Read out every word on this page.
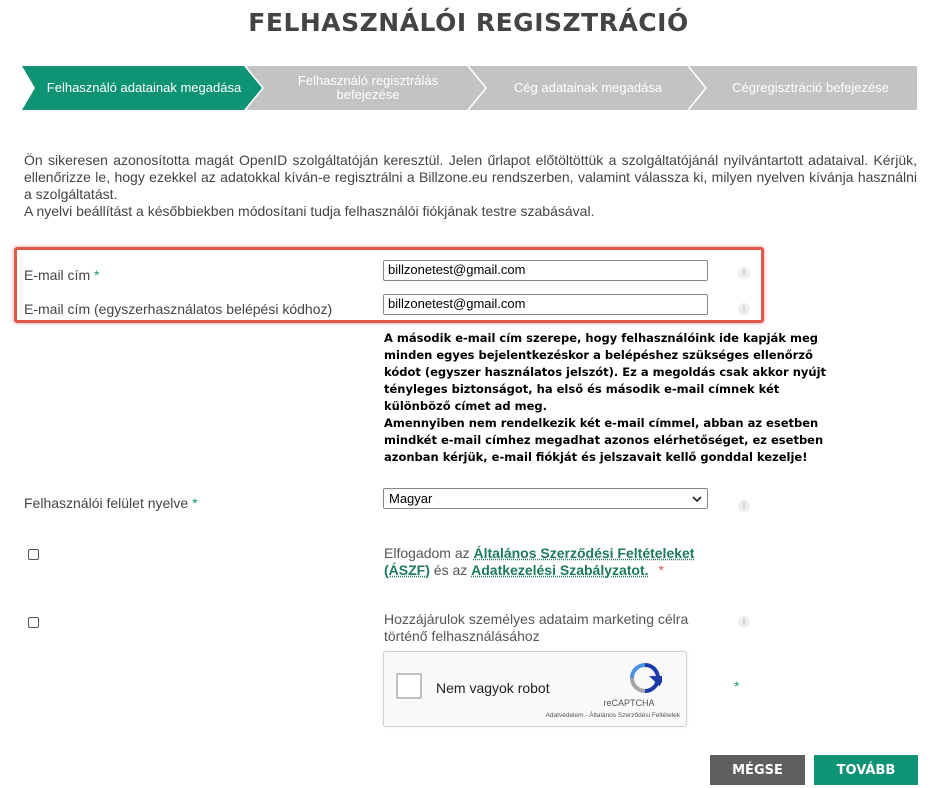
FELHASZNÁLÓI REGISZTRÁCIÓ
Felhasználó adatainak megadása	Felhasználó regisztrálás befejezése	Cég adatainak megadása	Cégregisztráció befejezése

Ön sikeresen azonosította magát OpenID szolgáltatóján keresztül. Jelen űrlapot előtöltöttük a szolgáltatójánál nyilvántartott adataival. Kérjük, ellenőrizze le, hogy ezekkel az adatokkal kíván-e regisztrálni a Billzone.eu rendszerben, valamint válassza ki, milyen nyelven kívánja használni a szolgáltatást.

A nyelvi beállítást a későbbiekben módosítani tudja felhasználói fiókjának testre szabásával.

E-mail cím *	billzonetest@gmail.com	i
E-mail cím (egyszerhasználatos belépési kódhoz)	billzonetest@gmail.com	i

A második e-mail cím szerepe, hogy felhasználóink ide kapják meg minden egyes bejelentkezéskor a belépéshez szükséges ellenőrző kódot (egyszer használatos jelszót). Ez a megoldás csak akkor nyújt tényleges biztonságot, ha első és második e-mail címnek két különböző címet ad meg.

Amennyiben nem rendelkezik két e-mail címmel, abban az esetben mindkét e-mail címhez megadhat azonos elérhetőséget, ez esetben azonban kérjük, e-mail fiókját és jelszavait kellő gonddal kezelje!

Felhasználói felület nyelve *	Magyar	i
Elfogadom az Általános Szerződési Feltételeket (ÁSZF) és az Adatkezelési Szabályzatot. *
Hozzájárulok személyes adataim marketing célra történő felhasználásához
i
Nem vagyok robot
reCAPTCHA
Adatvédelem - Általános Szerződési Feltételek
*
MÉGSE	TOVÁBB
